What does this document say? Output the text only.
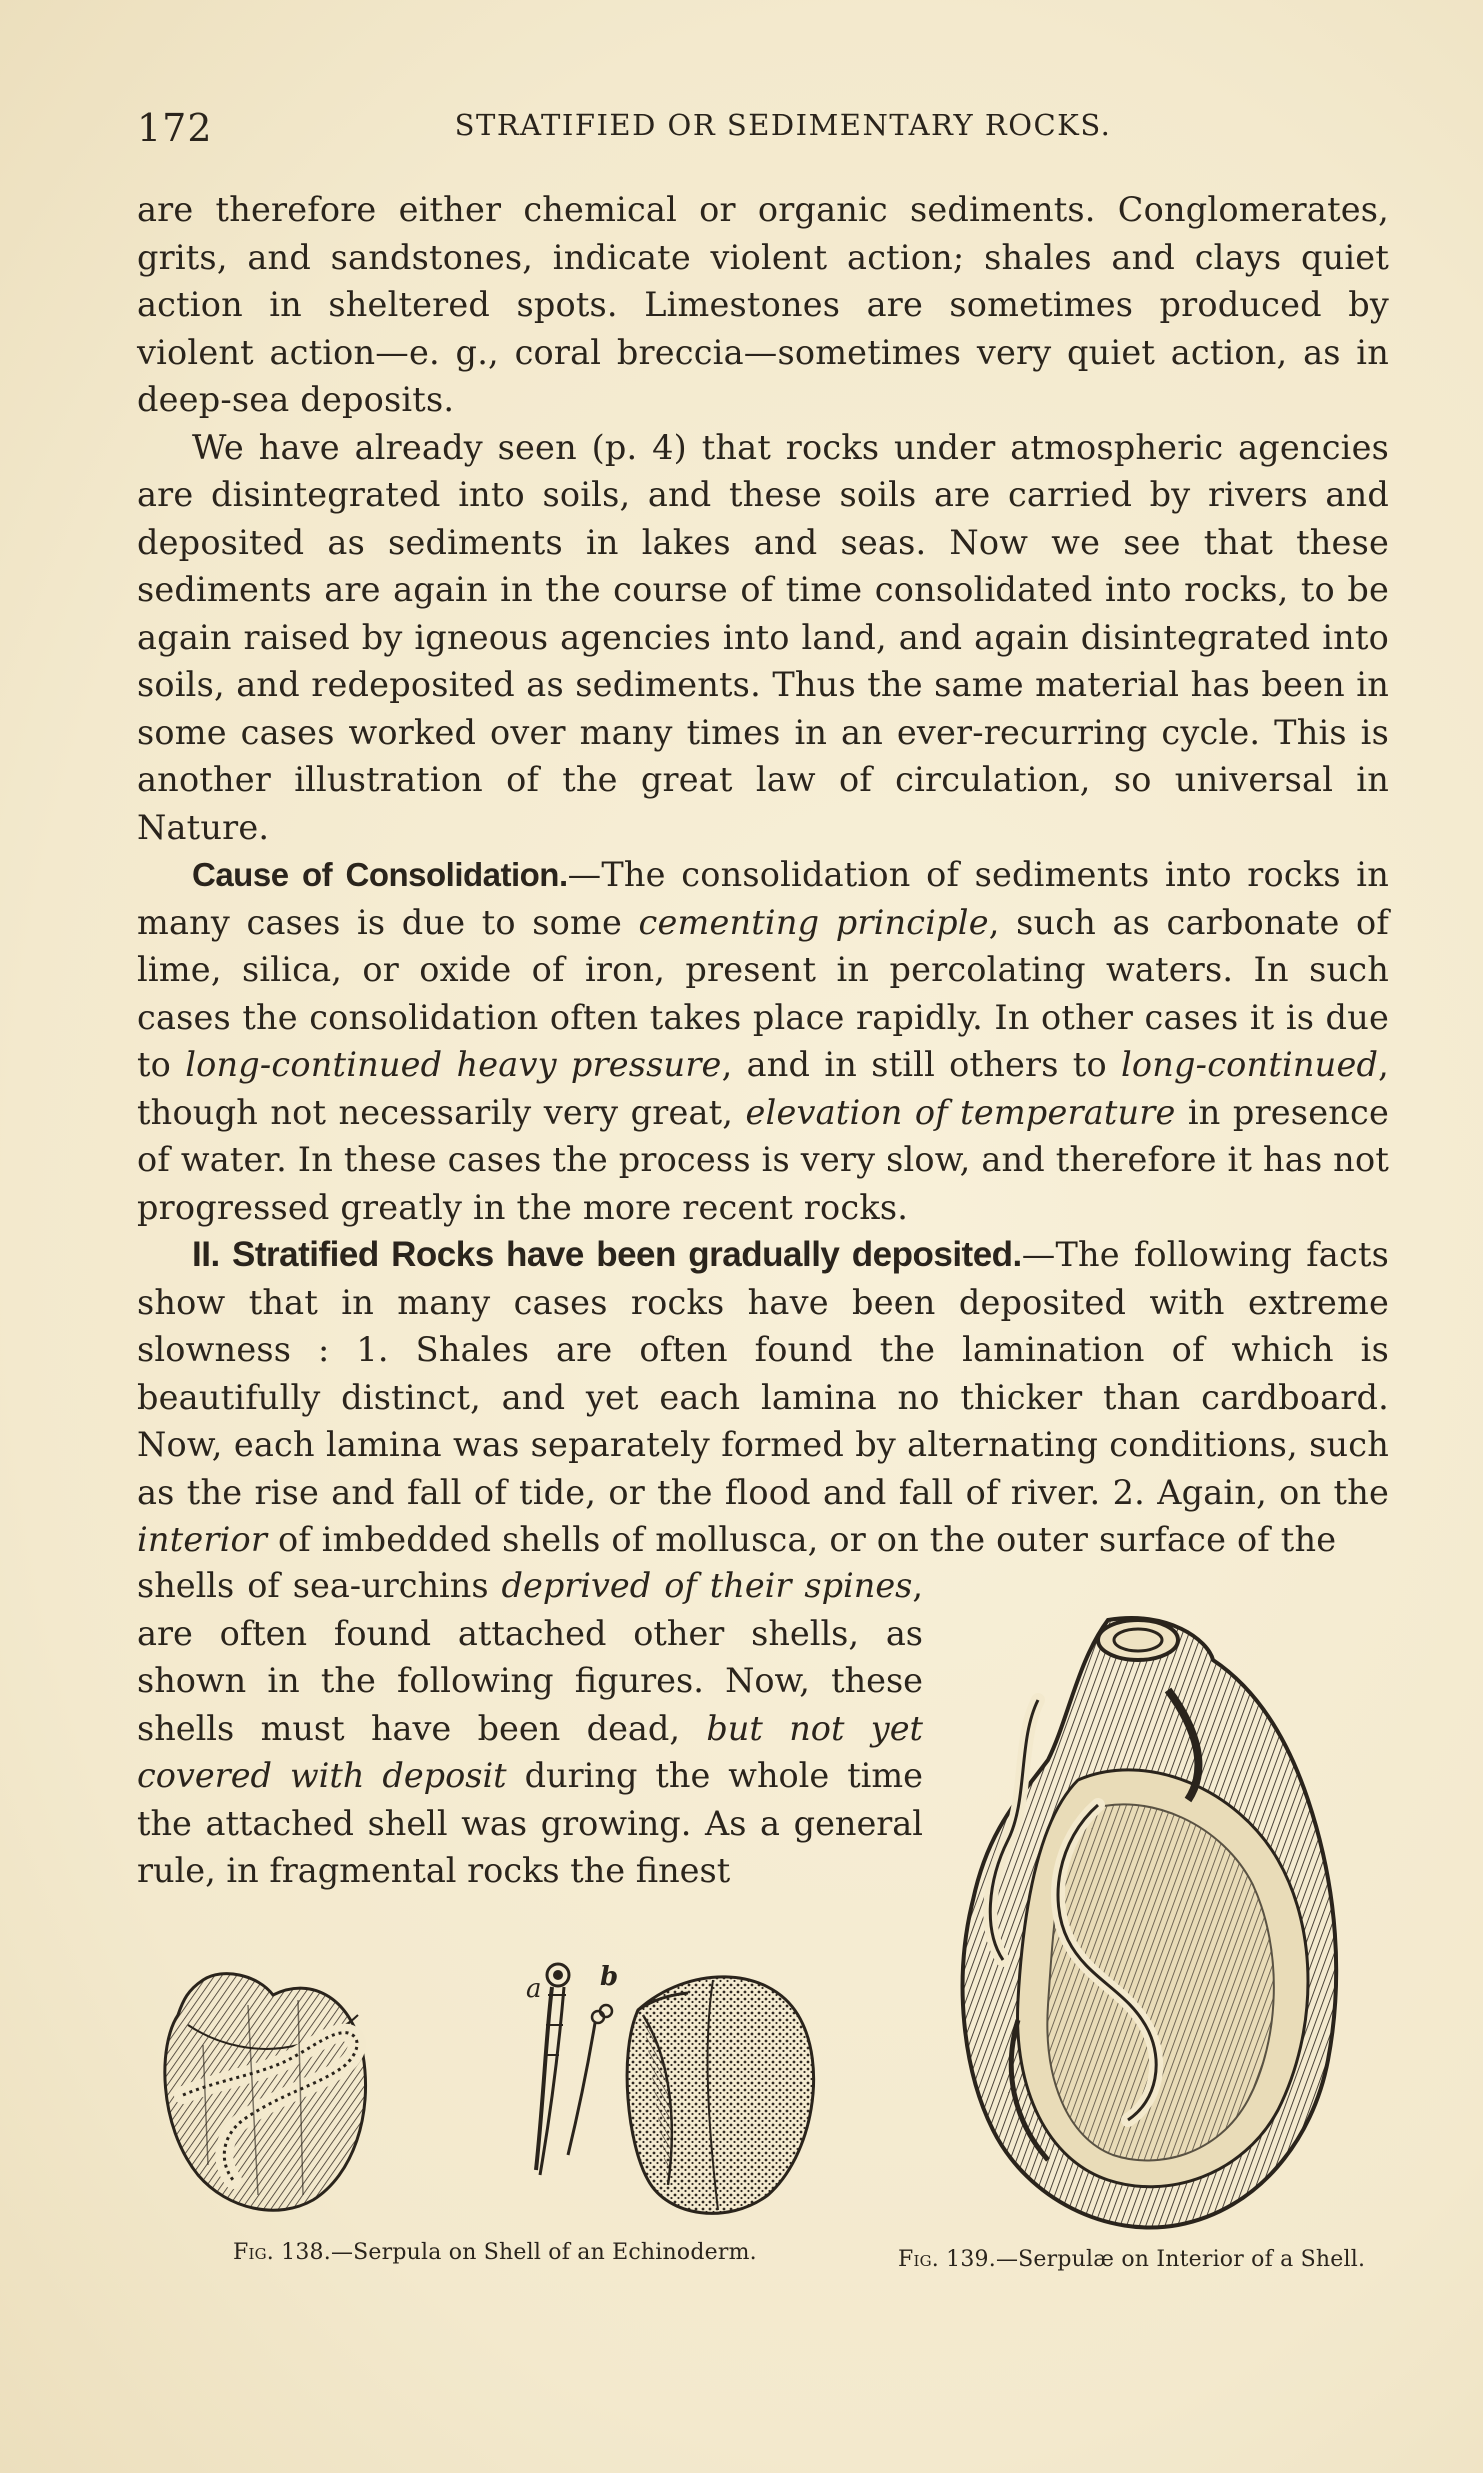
172	STRATIFIED OR SEDIMENTARY ROCKS.

are therefore either chemical or organic sediments. Conglomerates, grits, and sandstones, indicate violent action; shales and clays quiet action in sheltered spots. Limestones are sometimes produced by violent action—e. g., coral breccia—sometimes very quiet action, as in deep-sea deposits.

We have already seen (p. 4) that rocks under atmospheric agencies are disintegrated into soils, and these soils are carried by rivers and deposited as sediments in lakes and seas. Now we see that these sediments are again in the course of time consolidated into rocks, to be again raised by igneous agencies into land, and again disintegrated into soils, and redeposited as sediments. Thus the same material has been in some cases worked over many times in an ever-recurring cycle. This is another illustration of the great law of circulation, so universal in Nature.

Cause of Consolidation.—The consolidation of sediments into rocks in many cases is due to some cementing principle, such as carbonate of lime, silica, or oxide of iron, present in percolating waters. In such cases the consolidation often takes place rapidly. In other cases it is due to long-continued heavy pressure, and in still others to long-continued, though not necessarily very great, elevation of temperature in presence of water. In these cases the process is very slow, and therefore it has not progressed greatly in the more recent rocks.

II. Stratified Rocks have been gradually deposited.—The following facts show that in many cases rocks have been deposited with extreme slowness : 1. Shales are often found the lamination of which is beautifully distinct, and yet each lamina no thicker than cardboard. Now, each lamina was separately formed by alternating conditions, such as the rise and fall of tide, or the flood and fall of river. 2. Again, on the interior of imbedded shells of mollusca, or on the outer surface of the

shells of sea-urchins deprived of their spines, are often found attached other shells, as shown in the following figures. Now, these shells must have been dead, but not yet covered with deposit during the whole time the attached shell was growing. As a general rule, in fragmental rocks the finest

a b
Fig. 138.—Serpula on Shell of an Echinoderm.	Fig. 139.—Serpulæ on Interior of a Shell.
